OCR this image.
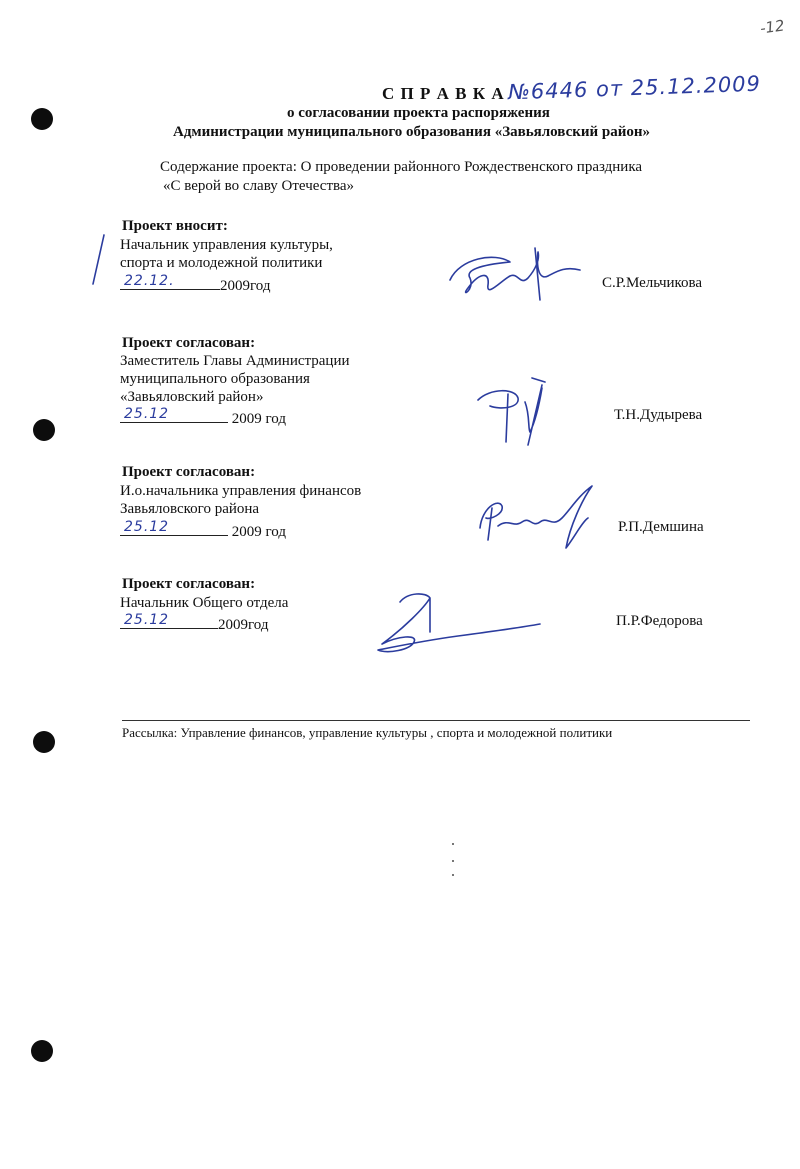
-12
С П Р А В К А №6446 от 25.12.2009
о согласовании проекта распоряжения
Администрации муниципального образования «Завьяловский район»
Содержание проекта: О проведении районного Рождественского праздника
«С верой во славу Отечества»
Проект вносит:
Начальник управления культуры,
спорта и молодежной политики
22.12.	2009год	С.Р.Мельчикова
Проект согласован:
Заместитель Главы Администрации
муниципального образования
«Завьяловский район»
25.12	2009 год	Т.Н.Дудырева
Проект согласован:
И.о.начальника управления финансов
Завьяловского района
25.12	2009 год	Р.П.Демшина
Проект согласован:
Начальник Общего отдела
25.12	2009год	П.Р.Федорова
Рассылка: Управление финансов, управление культуры , спорта и молодежной политики
